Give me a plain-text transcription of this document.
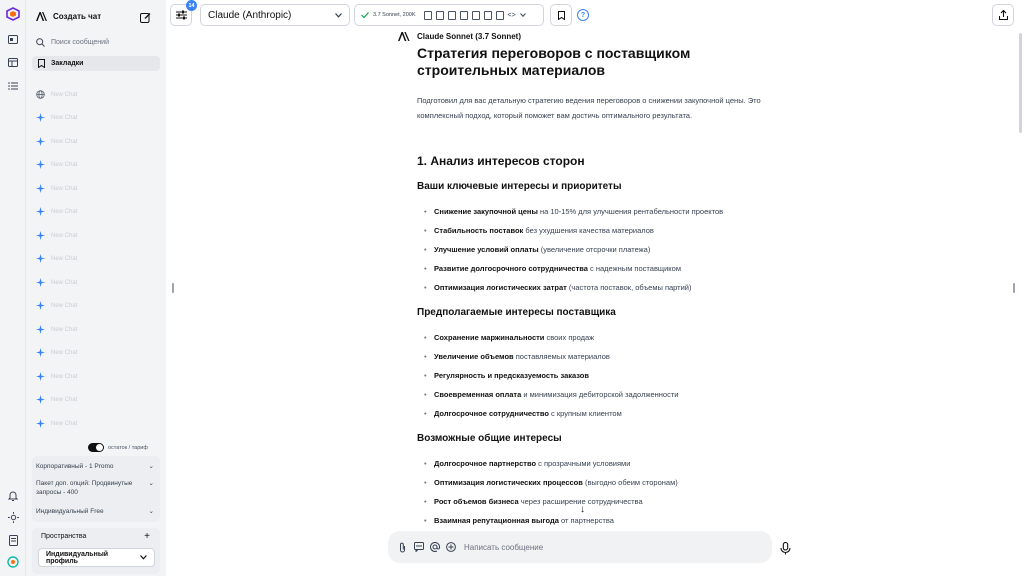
Создать чат
Поиск сообщений
Закладки
New Chat
New Chat
New Chat
New Chat
New Chat
New Chat
New Chat
New Chat
New Chat
New Chat
New Chat
New Chat
New Chat
New Chat
New Chat
остаток / тариф
Корпоративный - 1 Promo	⌄
Пакет доп. опций: Продвинутые запросы - 400
⌄
Индивидуальный Free	⌄
Пространства	+
Индивидуальный профиль
14
Claude (Anthropic)	3.7 Sonnet, 200K	<>	?
Claude Sonnet (3.7 Sonnet)
Стратегия переговоров с поставщиком строительных материалов
Подготовил для вас детальную стратегию ведения переговоров о снижении закупочной цены. Это комплексный подход, который поможет вам достичь оптимального результата.
1. Анализ интересов сторон
Ваши ключевые интересы и приоритеты
• Снижение закупочной цены на 10-15% для улучшения рентабельности проектов
• Стабильность поставок без ухудшения качества материалов
• Улучшение условий оплаты (увеличение отсрочки платежа)
• Развитие долгосрочного сотрудничества с надежным поставщиком
• Оптимизация логистических затрат (частота поставок, объемы партий)
Предполагаемые интересы поставщика
• Сохранение маржинальности своих продаж
• Увеличение объемов поставляемых материалов
• Регулярность и предсказуемость заказов
• Своевременная оплата и минимизация дебиторской задолженности
• Долгосрочное сотрудничество с крупным клиентом
Возможные общие интересы
• Долгосрочное партнерство с прозрачными условиями
• Оптимизация логистических процессов (выгодно обеим сторонам)
• Рост объемов бизнеса через расширение сотрудничества
• Взаимная репутационная выгода от партнерства
↓
Написать сообщение
